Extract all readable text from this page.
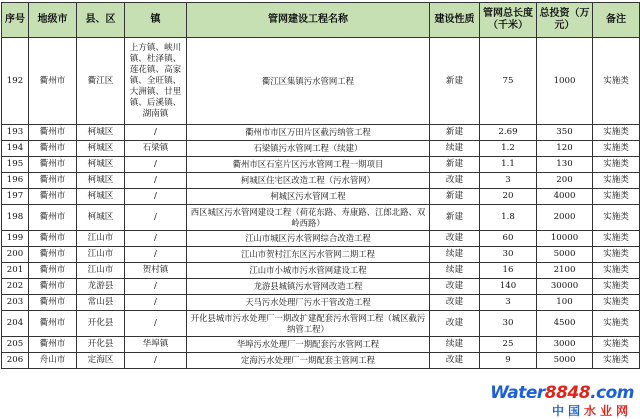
序号	地级市	县、区	镇	管网建设工程名称	建设性质	管网总长度（千米）	总投资（万元）	备注
192	衢州市	衢江区	上方镇、峡川镇、杜泽镇、莲花镇、高家镇、全旺镇、大洲镇、廿里镇、后溪镇、湖南镇	衢江区集镇污水管网工程	新建	75	1000	实施类
193	衢州市	柯城区	/	衢州市市区万田片区截污纳管工程	新建	2.69	350	实施类
194	衢州市	柯城区	石梁镇	石梁镇污水管网工程（续建）	续建	1.2	120	实施类
195	衢州市	柯城区	/	衢州市区石室片区污水管网工程一期项目	新建	1.1	130	实施类
196	衢州市	柯城区	/	柯城区住宅区改造工程（污水管网）	改建	3	200	实施类
197	衢州市	柯城区	/	柯城区污水管网工程	新建	20	4000	实施类
198	衢州市	柯城区	/	西区城区污水管网建设工程（荷花东路、寿康路、江郎北路、双岭西路）	新建	1.8	2000	实施类
199	衢州市	江山市	/	江山市城区污水管网综合改造工程	改建	60	10000	实施类
200	衢州市	江山市	/	江山市贺村江东区污水管网二期工程	续建	30	5000	实施类
201	衢州市	江山市	贺村镇	江山市小城市污水管网建设工程	续建	16	2100	实施类
202	衢州市	龙游县	/	龙游县城镇污水管网改造工程	改建	140	30000	实施类
203	衢州市	常山县	/	天马污水处理厂污水干管改造工程	改建	3	100	实施类
204	衢州市	开化县	/	开化县城市污水处理厂一期改扩建配套污水管网工程（城区截污纳管工程）	改建	30	4500	实施类
205	衢州市	开化县	华埠镇	华埠污水处理厂一期配套污水管网工程	续建	25	3000	实施类
206	舟山市	定海区	/	定海污水处理厂一期配套主管网工程	改建	9	5000	实施类
Water8848.com
中国水业网
